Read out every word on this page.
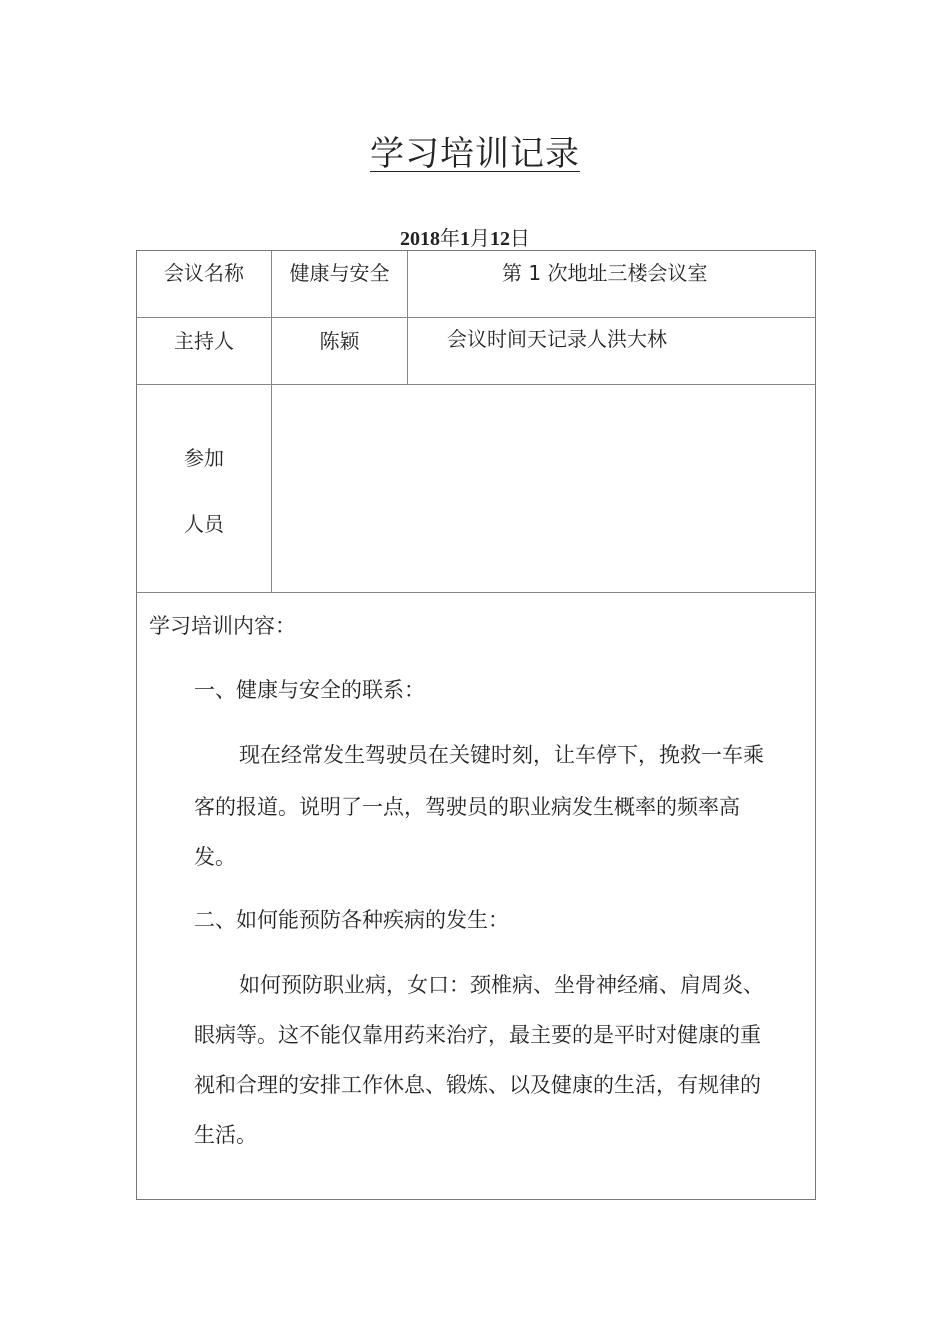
学习培训记录
2018年1月12日
会议名称	健康与安全	第 1 次地址三楼会议室
主持人	陈颖	会议时间天记录人洪大林
参加
人员
学习培训内容：
一、健康与安全的联系：
现在经常发生驾驶员在关键时刻，让车停下，挽救一车乘
客的报道。说明了一点，驾驶员的职业病发生概率的频率高
发。
二、如何能预防各种疾病的发生：
如何预防职业病，女口：颈椎病、坐骨神经痛、肩周炎、
眼病等。这不能仅靠用药来治疗，最主要的是平时对健康的重
视和合理的安排工作休息、锻炼、以及健康的生活，有规律的
生活。
